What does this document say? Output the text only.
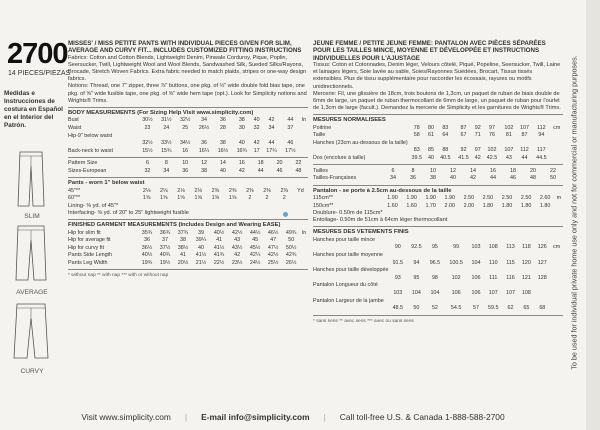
2700
14 PIECES/PIEZAS
Medidas e Instrucciones de costura en Español en el Interior del Patrón.
SLIM
AVERAGE
CURVY
MISSES' / MISS PETITE PANTS WITH INDIVIDUAL PIECES GIVEN FOR SLIM, AVERAGE AND CURVY FIT... INCLUDES CUSTOMIZED FITTING INSTRUCTIONS
Fabrics: Cotton and Cotton Blends, Lightweight Denim, Pinwale Corduroy, Pique, Poplin, Seersucker, Twill, Lightweight Wool and Wool Blends, Sandwashed Silk, Sueded Silks/Rayons, Brocade, Stretch Woven Fabrics. Extra fabric needed to match plaids, stripes or one-way design fabrics.
Notions: Thread, one 7" zipper, three ⅞" buttons, one pkg. of ½" wide double fold bias tape, one pkg. of ⅝" wide fusible tape, one pkg. of ⅝" wide hem tape (opt.). Look for Simplicity notions and Wrights® Trims.
BODY MEASUREMENTS (For Sizing Help Visit www.simplicity.com)
Bust	30½	31½	32½	34	36	38	40	42	44	In
Waist	23	24	25	26½	28	30	32	34	37	
Hip-9" below waist										
	32½	33½	34½	36	38	40	42	44	46	
Back-neck to waist	15½	15¾	16	16¼	16½	16¾	17	17¼	17½	
Pattern Size	6	8	10	12	14	16	18	20	22	
Sizes-European	32	34	36	38	40	42	44	46	48	
Pants - worn 1" below waist
45"**	2⅛	2⅛	2⅛	2⅛	2⅜	2⅜	2⅜	2⅜	2⅜	Yd
60"**	1⅝	1⅝	1⅝	1⅝	1⅝	1⅝	2	2	2	
Lining- ⅜ yd. of 45"*
Interfacing- ⅜ yd. of 20" to 25" lightweight fusible
FINISHED GARMENT MEASUREMENTS (Includes Design and Wearing EASE)
Hip for slim fit	35¾	36¾	37¾	39	40½	42½	44½	46½	49¾	In
Hip for average fit	36	37	38	39¼	41	43	45	47	50	
Hip for curvy fit	36½	37½	38½	40	41½	43½	45½	47½	50½	
Pants Side Length	40½	40¾	41	41½	41¾	42	42¼	42½	42¾	
Pants Leg Width	19¾	19½	20½	21½	22½	23½	24½	25½	26½	
* without nap ** with nap *** with or without nap
JEUNE FEMME / PETITE JEUNE FEMME: PANTALON AVEC PIÈCES SÉPARÉES POUR LES TAILLES MINCE, MOYENNE ET DÉVELOPPÉE ET INSTRUCTIONS INDIVIDUELLES POUR L'AJUSTAGE
Tissus: Coton et Cotonnades, Denim léger, Velours côtelé, Piqué, Popeline, Seersucker, Twill, Laine et lainages légers, Soie lavée au sable, Soies/Rayonnes Suédées, Brocart, Tissus tissés extensibles. Plus de tissu supplémentaire pour raccorder les écossais, rayures ou motifs unidirectionnels.
Mercerie: Fil, une glissière de 18cm, trois boutons de 1,3cm, un paquet de ruban de biais double de 6mm de large, un paquet de ruban thermocollant de 6mm de large, un paquet de ruban pour l'ourlet de 1,3cm de large (facult.). Demandez la mercerie de Simplicity et les garnitures de Wrights® Trims.
MESURES NORMALISEES
Poitrine	78	80	83	87	92	97	102	107	112	cm
Taille	58	61	64	67	71	76	81	87	94	
Hanches (23cm au-dessous de la taille)										
	83	85	88	92	97	102	107	112	117	
Dos (encolure à taille)	39.5	40	40.5	41.5	42	42.5	43	44	44.5	
Tailles	6	8	10	12	14	16	18	20	22	
Tailles-Françaises	34	36	38	40	42	44	46	48	50	
Pantalon - se porte à 2.5cm au-dessous de la taille
115cm**	1.90	1.90	1.90	1.90	2.50	2.50	2.50	2.50	2.60	m
150cm**	1.60	1.60	1.70	2.00	2.00	1.80	1.80	1.80	1.80	
Doublure- 0.50m de 115cm*
Entoilage- 0.50m de 51cm à 64cm léger thermocollant
MESURES DES VETEMENTS FINIS
Hanches pour taille mince										
	90	92.5	95	99	103	108	113	118	126	cm
Hanches pour taille moyenne										
	91.5	94	96.5	100.5	104	110	115	120	127	
Hanches pour taille développée										
	93	95	98	102	106	111	116	121	128	
Pantalon Longueur du côté										
	103	104	104	106	106	107	107	108		
Pantalon Largeur de la jambe										
	48.5	50	52	54.5	57	59.5	62	65	68	
* sans sens ** avec sens *** avec ou sans sens	To be used for individual private home use only and not for commercial or manufacturing purposes.
Visit www.simplicity.com | E-mail info@simplicity.com | Call toll-free U.S. & Canada 1-888-588-2700
